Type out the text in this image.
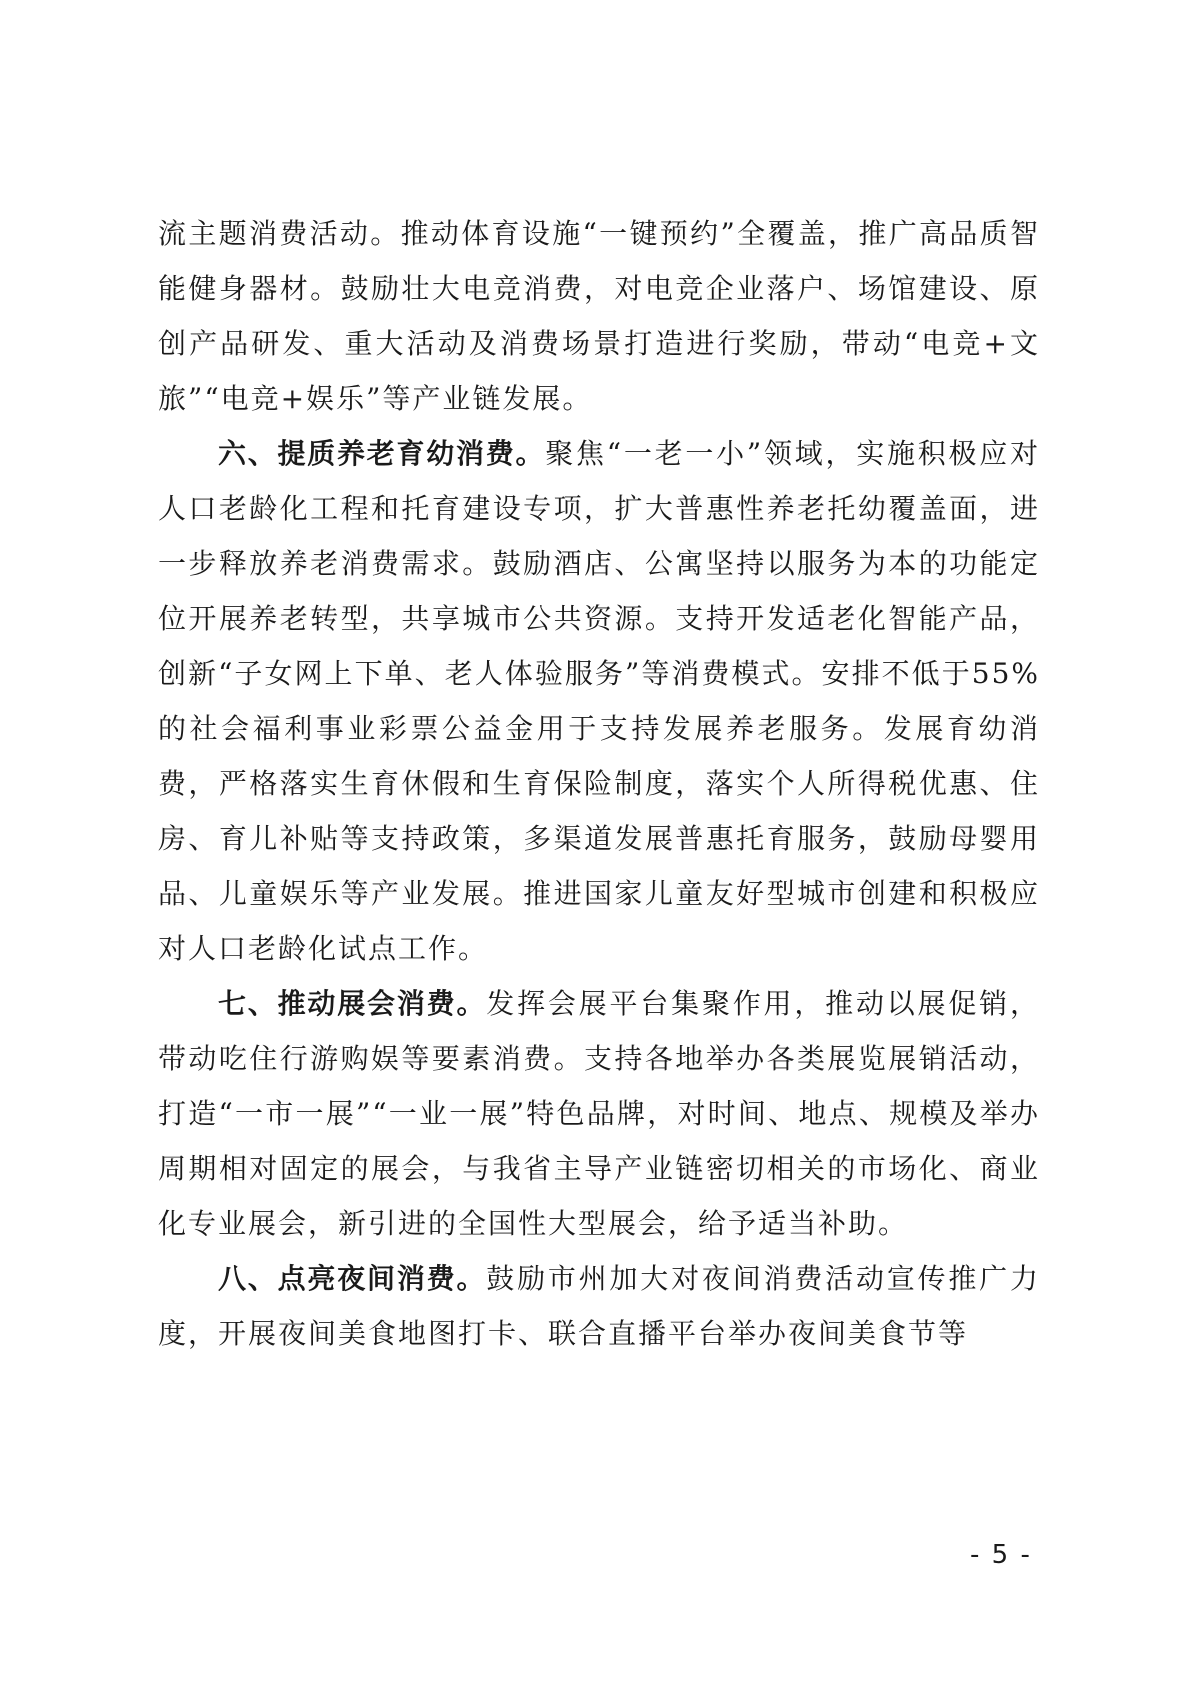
流主题消费活动。推动体育设施“一键预约”全覆盖，推广高品质智能健身器材。鼓励壮大电竞消费，对电竞企业落户、场馆建设、原创产品研发、重大活动及消费场景打造进行奖励，带动“电竞+文旅”“电竞+娱乐”等产业链发展。

六、提质养老育幼消费。聚焦“一老一小”领域，实施积极应对人口老龄化工程和托育建设专项，扩大普惠性养老托幼覆盖面，进一步释放养老消费需求。鼓励酒店、公寓坚持以服务为本的功能定位开展养老转型，共享城市公共资源。支持开发适老化智能产品，创新“子女网上下单、老人体验服务”等消费模式。安排不低于55%的社会福利事业彩票公益金用于支持发展养老服务。发展育幼消费，严格落实生育休假和生育保险制度，落实个人所得税优惠、住房、育儿补贴等支持政策，多渠道发展普惠托育服务，鼓励母婴用品、儿童娱乐等产业发展。推进国家儿童友好型城市创建和积极应对人口老龄化试点工作。

七、推动展会消费。发挥会展平台集聚作用，推动以展促销，带动吃住行游购娱等要素消费。支持各地举办各类展览展销活动，打造“一市一展”“一业一展”特色品牌，对时间、地点、规模及举办周期相对固定的展会，与我省主导产业链密切相关的市场化、商业化专业展会，新引进的全国性大型展会，给予适当补助。

八、点亮夜间消费。鼓励市州加大对夜间消费活动宣传推广力度，开展夜间美食地图打卡、联合直播平台举办夜间美食节等

- 5 -
